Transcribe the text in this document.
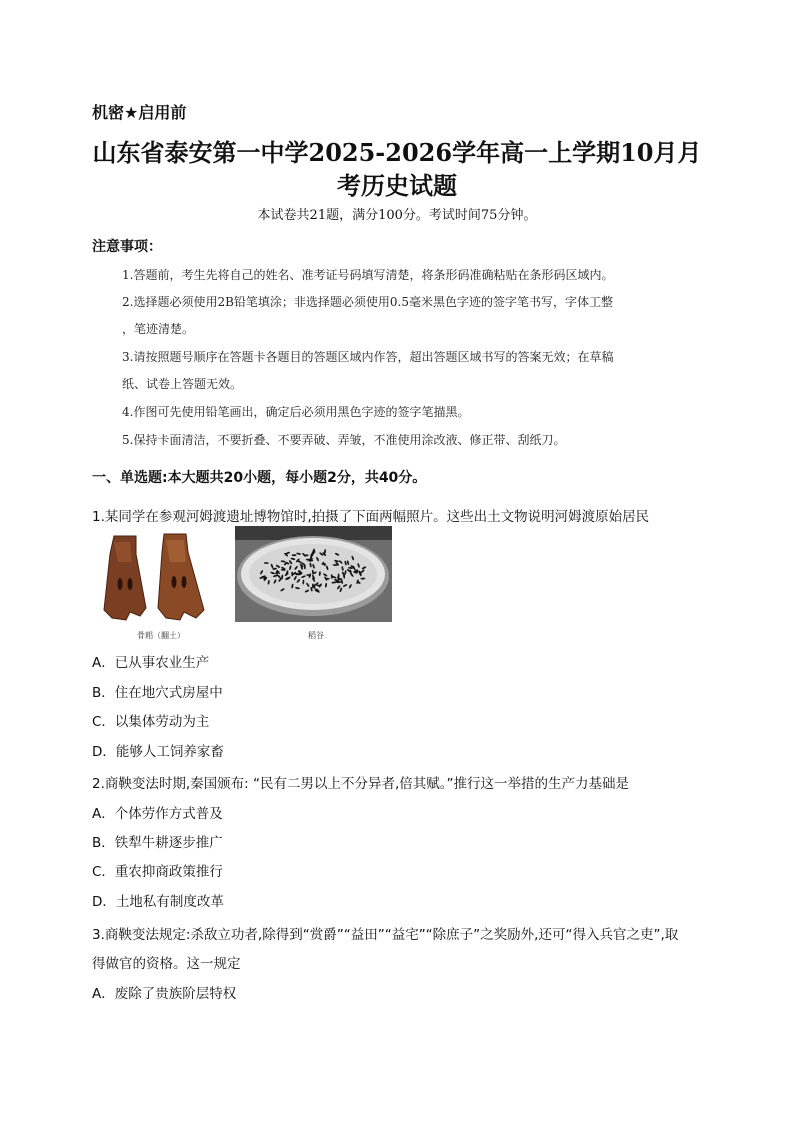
机密★启用前
山东省泰安第一中学2025-2026学年高一上学期10月月
考历史试题
本试卷共21题，满分100分。考试时间75分钟。
注意事项：
1.答题前，考生先将自己的姓名、准考证号码填写清楚，将条形码准确粘贴在条形码区域内。
2.选择题必须使用2B铅笔填涂；非选择题必须使用0.5毫米黑色字迹的签字笔书写，字体工整
，笔迹清楚。
3.请按照题号顺序在答题卡各题目的答题区域内作答，超出答题区域书写的答案无效；在草稿
纸、试卷上答题无效。
4.作图可先使用铅笔画出，确定后必须用黑色字迹的签字笔描黑。
5.保持卡面清洁，不要折叠、不要弄破、弄皱，不准使用涂改液、修正带、刮纸刀。
一、单选题:本大题共20小题，每小题2分，共40分。
1.某同学在参观河姆渡遗址博物馆时,拍摄了下面两幅照片。这些出土文物说明河姆渡原始居民
骨耜（翻土）	稻谷
A．已从事农业生产
B．住在地穴式房屋中
C．以集体劳动为主
D．能够人工饲养家畜
2.商鞅变法时期,秦国颁布: “民有二男以上不分异者,倍其赋。”推行这一举措的生产力基础是
A．个体劳作方式普及
B．铁犁牛耕逐步推广
C．重农抑商政策推行
D．土地私有制度改革
3.商鞅变法规定:杀敌立功者,除得到“赏爵”“益田”“益宅”“除庶子”之奖励外,还可“得入兵官之吏”,取
得做官的资格。这一规定
A．废除了贵族阶层特权
